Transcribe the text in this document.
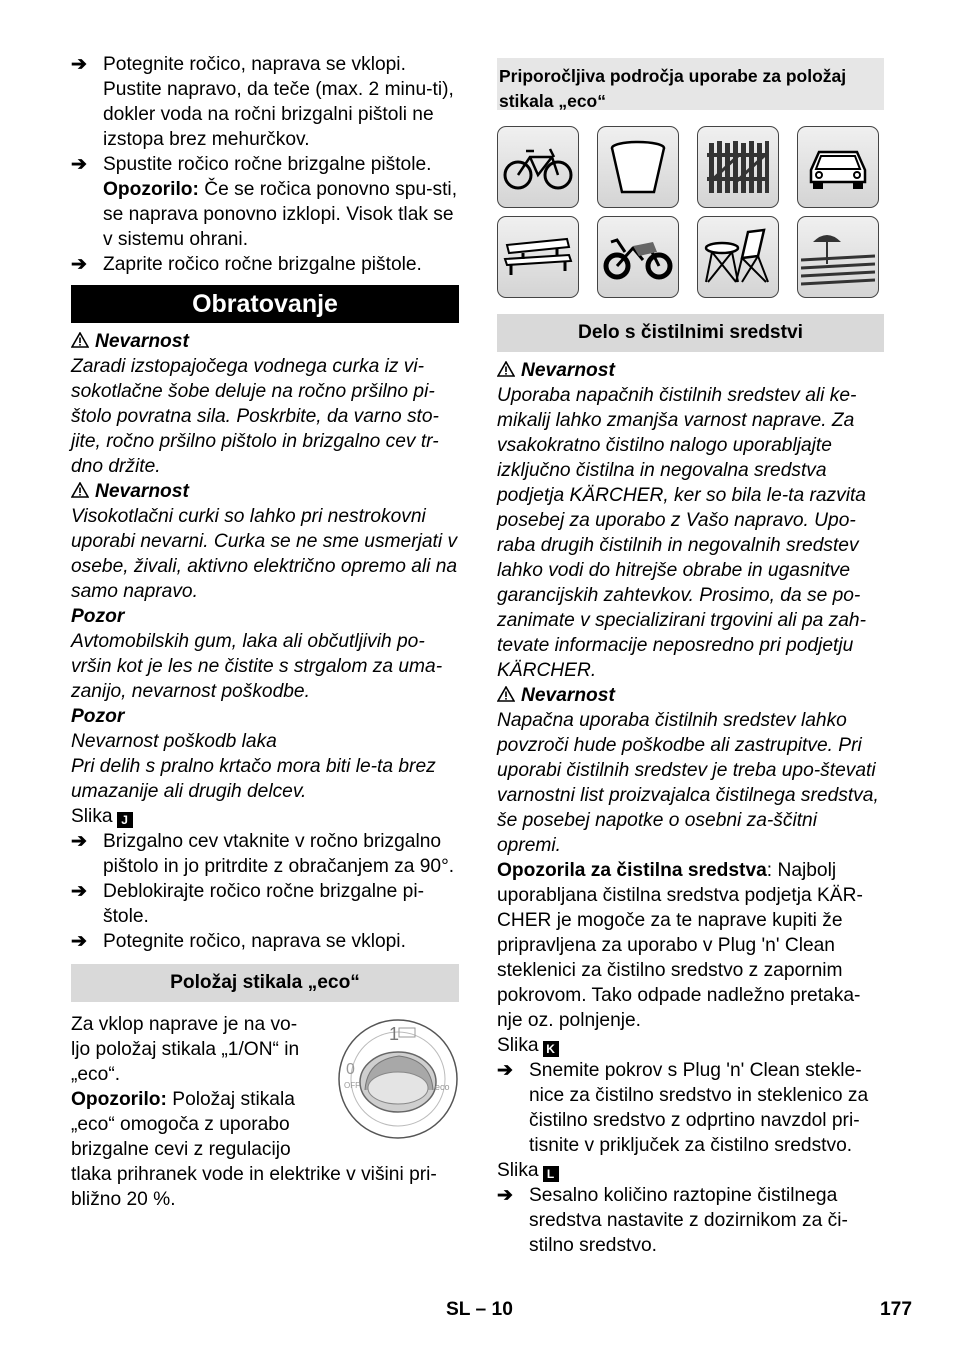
➔ Potegnite ročico, naprava se vklopi. Pustite napravo, da teče (max. 2 minu-ti), dokler voda na ročni brizgalni pištoli ne izstopa brez mehurčkov.
➔ Spustite ročico ročne brizgalne pištole.
Opozorilo: Če se ročica ponovno spu-sti, se naprava ponovno izklopi. Visok tlak se v sistemu ohrani.
➔ Zaprite ročico ročne brizgalne pištole.
Obratovanje

Nevarnost

Zaradi izstopajočega vodnega curka iz vi-sokotlačne šobe deluje na ročno pršilno pi-štolo povratna sila. Poskrbite, da varno sto-jite, ročno pršilno pištolo in brizgalno cev tr-dno držite.

Nevarnost

Visokotlačni curki so lahko pri nestrokovni uporabi nevarni. Curka se ne sme usmerjati v osebe, živali, aktivno električno opremo ali na samo napravo.

Pozor

Avtomobilskih gum, laka ali občutljivih po-vršin kot je les ne čistite s strgalom za uma-zanijo, nevarnost poškodbe.

Pozor

Nevarnost poškodb laka

Pri delih s pralno krtačo mora biti le-ta brez umazanije ali drugih delcev.

Slika J

➔ Brizgalno cev vtaknite v ročno brizgalno pištolo in jo pritrdite z obračanjem za 90°.
➔ Deblokirajte ročico ročne brizgalne pi-štole.
➔ Potegnite ročico, naprava se vklopi.
Položaj stikala „eco“
1
0
OFF	eco

Za vklop naprave je na vo-ljo položaj stikala „1/ON“ in „eco“.

Opozorilo: Položaj stikala „eco“ omogoča z uporabo brizgalne cevi z regulacijo

tlaka prihranek vode in elektrike v višini pri-bližno 20 %.

Priporočljiva področja uporabe za položaj stikala „eco“
Delo s čistilnimi sredstvi

Nevarnost

Uporaba napačnih čistilnih sredstev ali ke-mikalij lahko zmanjša varnost naprave. Za vsakokratno čistilno nalogo uporabljajte izključno čistilna in negovalna sredstva podjetja KÄRCHER, ker so bila le-ta razvita posebej za uporabo z Vašo napravo. Upo-raba drugih čistilnih in negovalnih sredstev lahko vodi do hitrejše obrabe in ugasnitve garancijskih zahtevkov. Prosimo, da se po-zanimate v specializirani trgovini ali pa zah-tevate informacije neposredno pri podjetju KÄRCHER.

Nevarnost

Napačna uporaba čistilnih sredstev lahko povzroči hude poškodbe ali zastrupitve. Pri uporabi čistilnih sredstev je treba upo-števati varnostni list proizvajalca čistilnega sredstva, še posebej napotke o osebni za-ščitni opremi.

Opozorila za čistilna sredstva: Najbolj uporabljana čistilna sredstva podjetja KÄR-CHER je mogoče za te naprave kupiti že pripravljena za uporabo v Plug 'n' Clean steklenici za čistilno sredstvo z zapornim pokrovom. Tako odpade nadležno pretaka-nje oz. polnjenje.

Slika K

➔ Snemite pokrov s Plug 'n' Clean stekle-nice za čistilno sredstvo in steklenico za čistilno sredstvo z odprtino navzdol pri-tisnite v priključek za čistilno sredstvo.

Slika L

➔ Sesalno količino raztopine čistilnega sredstva nastavite z dozirnikom za či-stilno sredstvo.
SL – 10	177
